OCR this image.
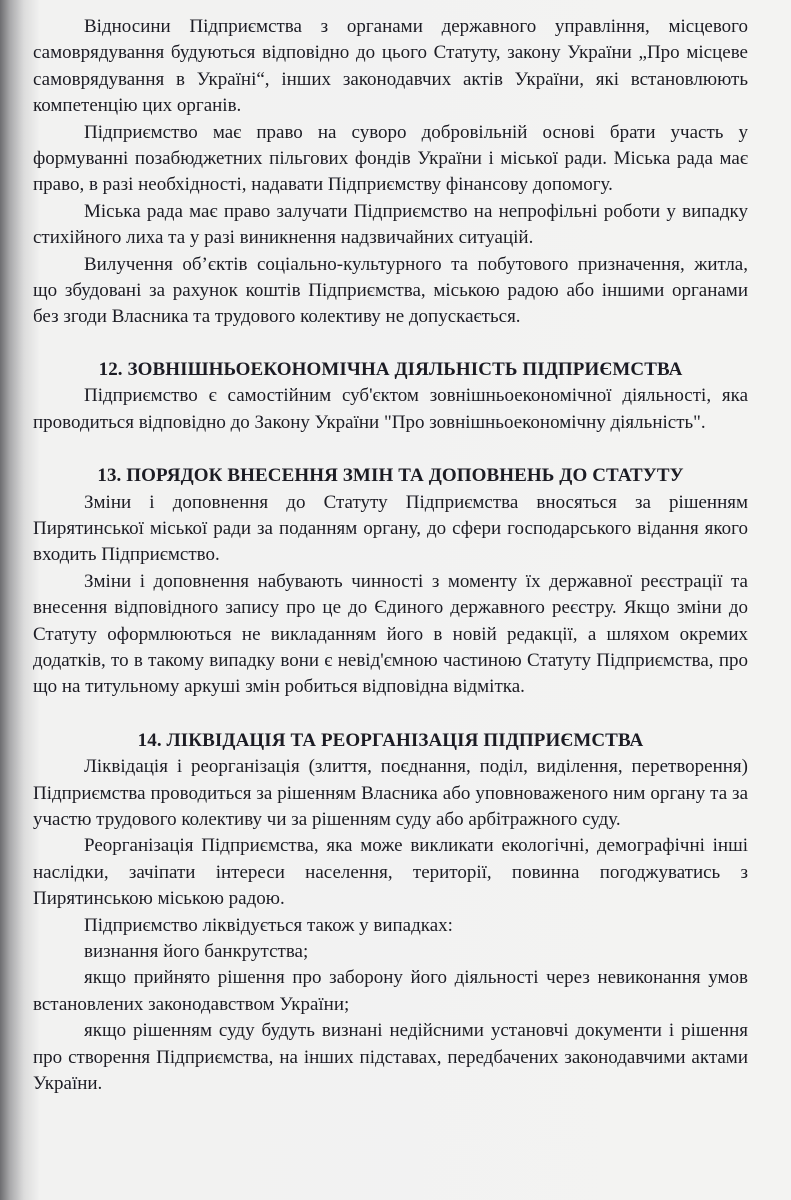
Відносини Підприємства з органами державного управління, місцевого самоврядування будуються відповідно до цього Статуту, закону України „Про місцеве самоврядування в Україні“, інших законодавчих актів України, які встановлюють компетенцію цих органів.

Підприємство має право на суворо добровільній основі брати участь у формуванні позабюджетних пільгових фондів України і міської ради. Міська рада має право, в разі необхідності, надавати Підприємству фінансову допомогу.

Міська рада має право залучати Підприємство на непрофільні роботи у випадку стихійного лиха та у разі виникнення надзвичайних ситуацій.

Вилучення об’єктів соціально-культурного та побутового призначення, житла, що збудовані за рахунок коштів Підприємства, міською радою або іншими органами без згоди Власника та трудового колективу не допускається.

12. ЗОВНІШНЬОЕКОНОМІЧНА ДІЯЛЬНІСТЬ ПІДПРИЄМСТВА

Підприємство є самостійним суб'єктом зовнішньоекономічної діяльності, яка проводиться відповідно до Закону України "Про зовнішньоекономічну діяльність".

13. ПОРЯДОК ВНЕСЕННЯ ЗМІН ТА ДОПОВНЕНЬ ДО СТАТУТУ

Зміни і доповнення до Статуту Підприємства вносяться за рішенням Пирятинської міської ради за поданням органу, до сфери господарського відання якого входить Підприємство.

Зміни і доповнення набувають чинності з моменту їх державної реєстрації та внесення відповідного запису про це до Єдиного державного реєстру. Якщо зміни до Статуту оформлюються не викладанням його в новій редакції, а шляхом окремих додатків, то в такому випадку вони є невід'ємною частиною Статуту Підприємства, про що на титульному аркуші змін робиться відповідна відмітка.

14. ЛІКВІДАЦІЯ ТА РЕОРГАНІЗАЦІЯ ПІДПРИЄМСТВА

Ліквідація і реорганізація (злиття, поєднання, поділ, виділення, перетворення) Підприємства проводиться за рішенням Власника або уповноваженого ним органу та за участю трудового колективу чи за рішенням суду або арбітражного суду.

Реорганізація Підприємства, яка може викликати екологічні, демографічні інші наслідки, зачіпати інтереси населення, території, повинна погоджуватись з Пирятинською міською радою.

Підприємство ліквідується також у випадках:

визнання його банкрутства;

якщо прийнято рішення про заборону його діяльності через невиконання умов встановлених законодавством України;

якщо рішенням суду будуть визнані недійсними установчі документи і рішення про створення Підприємства, на інших підставах, передбачених законодавчими актами України.
